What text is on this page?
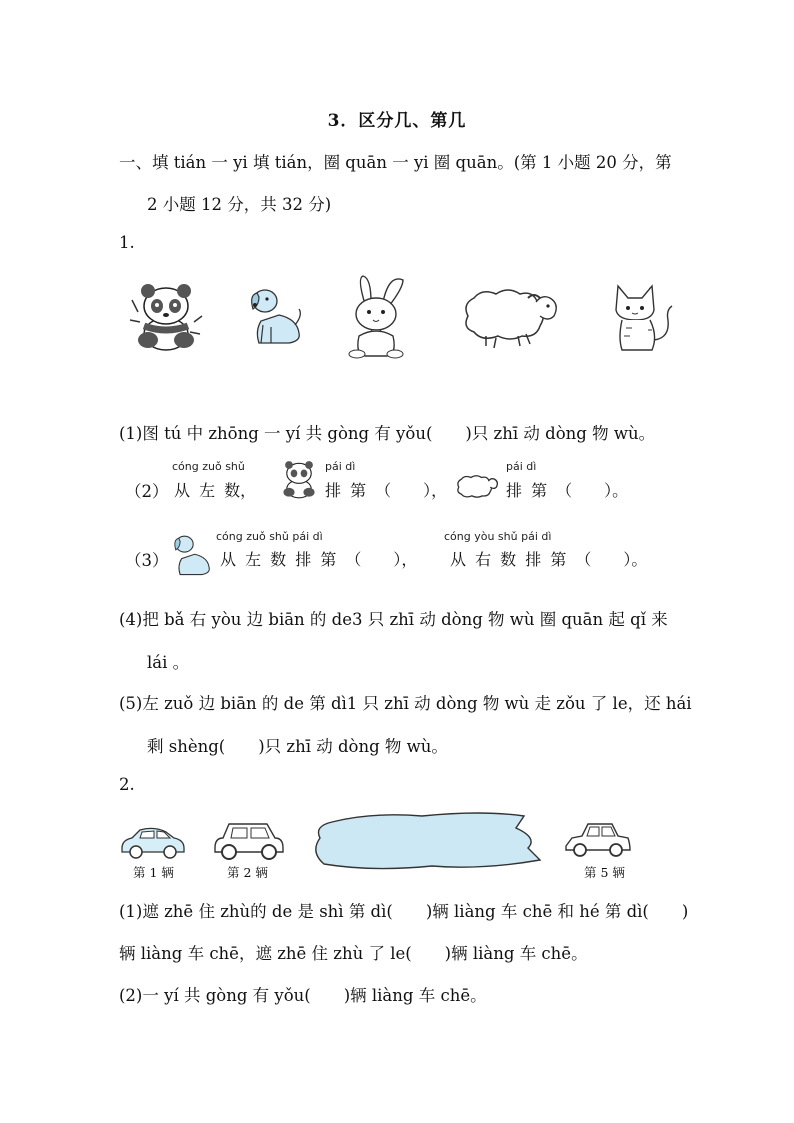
3．区分几、第几
一、填 tián 一 yi 填 tián，圈 quān 一 yi 圈 quān。(第 1 小题 20 分，第
2 小题 12 分，共 32 分)
1.
(1)图 tú 中 zhōng 一 yí 共 gòng 有 yǒu(　　)只 zhī 动 dòng 物 wù。
（2）
cóng zuǒ shǔ
从 左 数，
pái dì
排 第 （　　），
pái dì
排 第 （　　）。
（3）
cóng zuǒ shǔ pái dì
从 左 数 排 第 （　　），
cóng yòu shǔ pái dì
从 右 数 排 第 （　　）。
(4)把 bǎ 右 yòu 边 biān 的 de3 只 zhī 动 dòng 物 wù 圈 quān 起 qǐ 来
lái 。
(5)左 zuǒ 边 biān 的 de 第 dì1 只 zhī 动 dòng 物 wù 走 zǒu 了 le，还 hái
剩 shèng(　　)只 zhī 动 dòng 物 wù。
2.
第 1 辆	第 2 辆	第 5 辆
(1)遮 zhē 住 zhù的 de 是 shì 第 dì(　　)辆 liàng 车 chē 和 hé 第 dì(　　)
辆 liàng 车 chē，遮 zhē 住 zhù 了 le(　　)辆 liàng 车 chē。
(2)一 yí 共 gòng 有 yǒu(　　)辆 liàng 车 chē。
